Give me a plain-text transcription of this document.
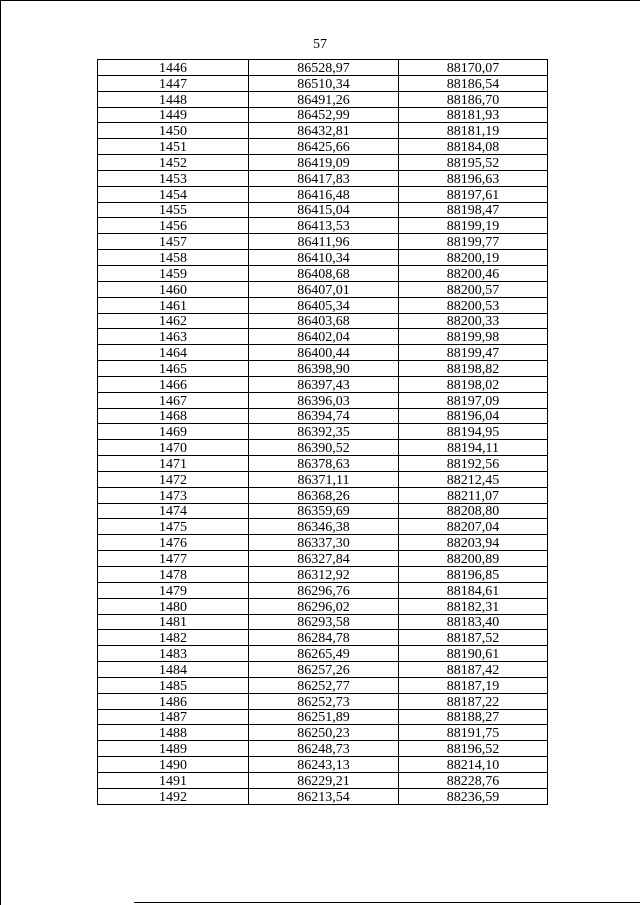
57
1446	86528,97	88170,07
1447	86510,34	88186,54
1448	86491,26	88186,70
1449	86452,99	88181,93
1450	86432,81	88181,19
1451	86425,66	88184,08
1452	86419,09	88195,52
1453	86417,83	88196,63
1454	86416,48	88197,61
1455	86415,04	88198,47
1456	86413,53	88199,19
1457	86411,96	88199,77
1458	86410,34	88200,19
1459	86408,68	88200,46
1460	86407,01	88200,57
1461	86405,34	88200,53
1462	86403,68	88200,33
1463	86402,04	88199,98
1464	86400,44	88199,47
1465	86398,90	88198,82
1466	86397,43	88198,02
1467	86396,03	88197,09
1468	86394,74	88196,04
1469	86392,35	88194,95
1470	86390,52	88194,11
1471	86378,63	88192,56
1472	86371,11	88212,45
1473	86368,26	88211,07
1474	86359,69	88208,80
1475	86346,38	88207,04
1476	86337,30	88203,94
1477	86327,84	88200,89
1478	86312,92	88196,85
1479	86296,76	88184,61
1480	86296,02	88182,31
1481	86293,58	88183,40
1482	86284,78	88187,52
1483	86265,49	88190,61
1484	86257,26	88187,42
1485	86252,77	88187,19
1486	86252,73	88187,22
1487	86251,89	88188,27
1488	86250,23	88191,75
1489	86248,73	88196,52
1490	86243,13	88214,10
1491	86229,21	88228,76
1492	86213,54	88236,59
